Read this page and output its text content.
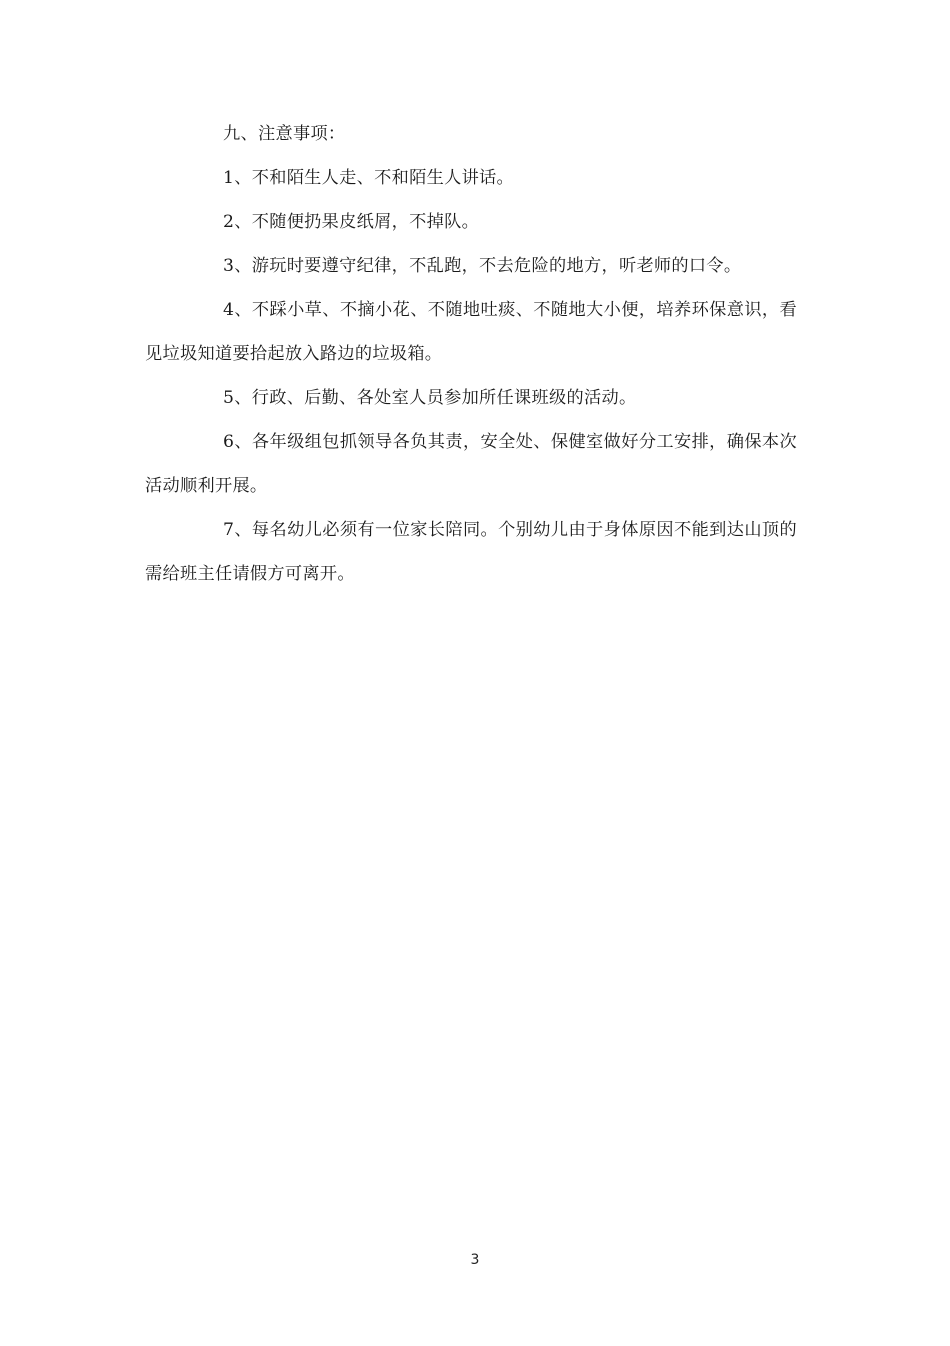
九、注意事项：

1、不和陌生人走、不和陌生人讲话。

2、不随便扔果皮纸屑，不掉队。

3、游玩时要遵守纪律，不乱跑，不去危险的地方，听老师的口令。

4、不踩小草、不摘小花、不随地吐痰、不随地大小便，培养环保意识，看见垃圾知道要拾起放入路边的垃圾箱。

5、行政、后勤、各处室人员参加所任课班级的活动。

6、各年级组包抓领导各负其责，安全处、保健室做好分工安排，确保本次活动顺利开展。

7、每名幼儿必须有一位家长陪同。个别幼儿由于身体原因不能到达山顶的需给班主任请假方可离开。

3
